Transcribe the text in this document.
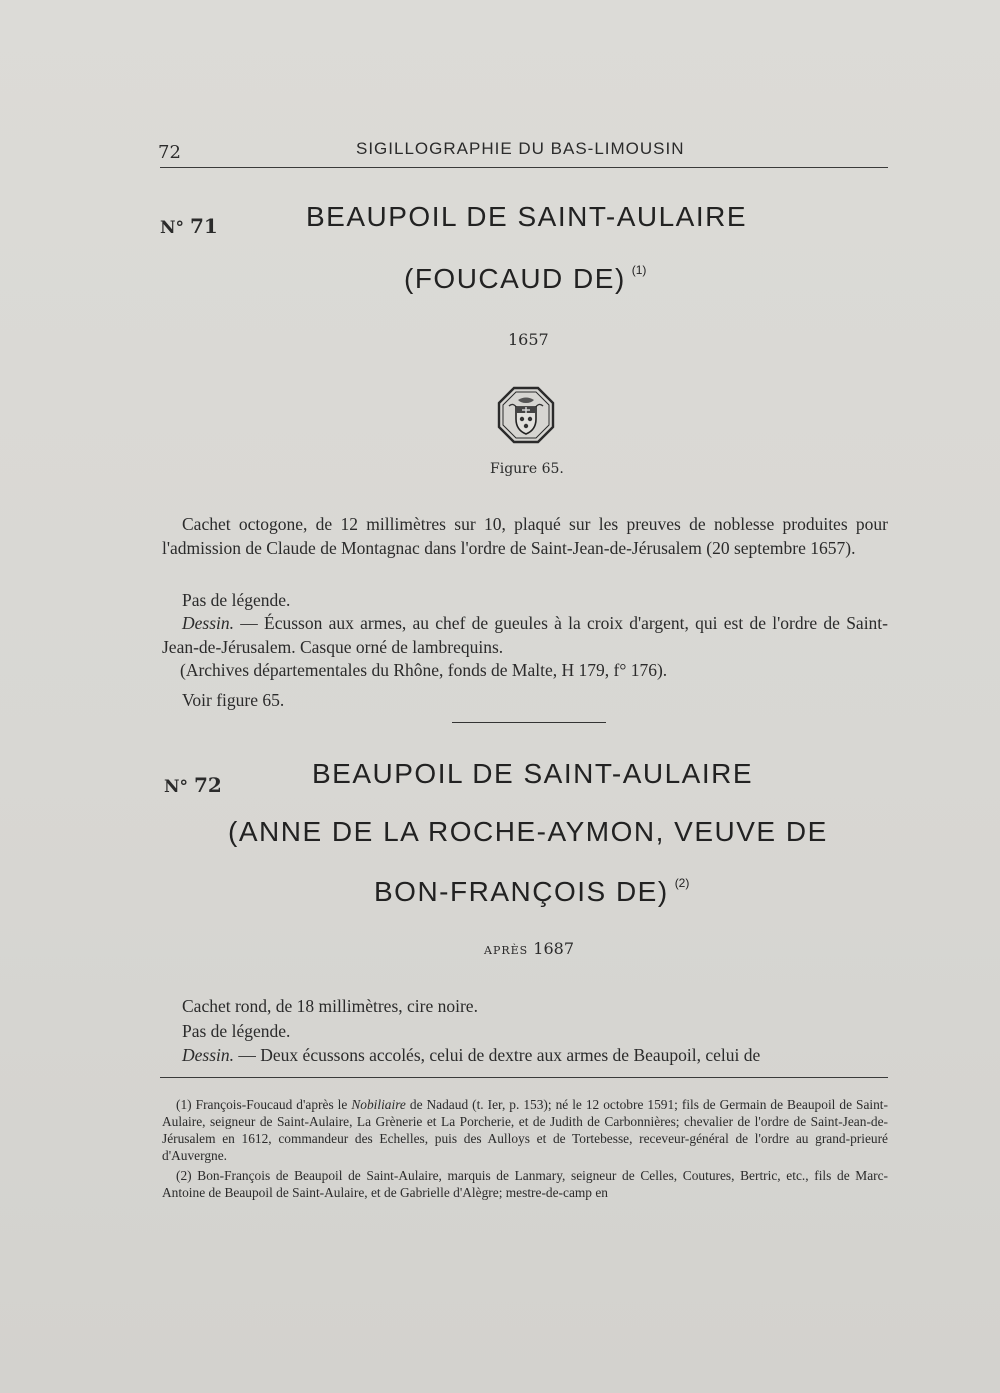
72	SIGILLOGRAPHIE DU BAS-LIMOUSIN
N° 71	BEAUPOIL DE SAINT-AULAIRE
(FOUCAUD DE) $^{(1)}$
1657
Figure 65.
Cachet octogone, de 12 millimètres sur 10, plaqué sur les preuves de noblesse produites pour l'admission de Claude de Montagnac dans l'ordre de Saint-Jean-de-Jérusalem (20 septembre 1657).
Pas de légende.
Dessin. — Écusson aux armes, au chef de gueules à la croix d'argent, qui est de l'ordre de Saint-Jean-de-Jérusalem. Casque orné de lambrequins.
(Archives départementales du Rhône, fonds de Malte, H 179, f° 176).
Voir figure 65.
N° 72	BEAUPOIL DE SAINT-AULAIRE
(ANNE DE LA ROCHE-AYMON, VEUVE DE
BON-FRANÇOIS DE) $^{(2)}$
APRÈS 1687
Cachet rond, de 18 millimètres, cire noire.
Pas de légende.
Dessin. — Deux écussons accolés, celui de dextre aux armes de Beaupoil, celui de
(1) François-Foucaud d'après le Nobiliaire de Nadaud (t. Ier, p. 153); né le 12 octobre 1591; fils de Germain de Beaupoil de Saint-Aulaire, seigneur de Saint-Aulaire, La Grènerie et La Porcherie, et de Judith de Carbonnières; chevalier de l'ordre de Saint-Jean-de-Jérusalem en 1612, commandeur des Echelles, puis des Aulloys et de Tortebesse, receveur-général de l'ordre au grand-prieuré d'Auvergne.
(2) Bon-François de Beaupoil de Saint-Aulaire, marquis de Lanmary, seigneur de Celles, Coutures, Bertric, etc., fils de Marc-Antoine de Beaupoil de Saint-Aulaire, et de Gabrielle d'Alègre; mestre-de-camp en
